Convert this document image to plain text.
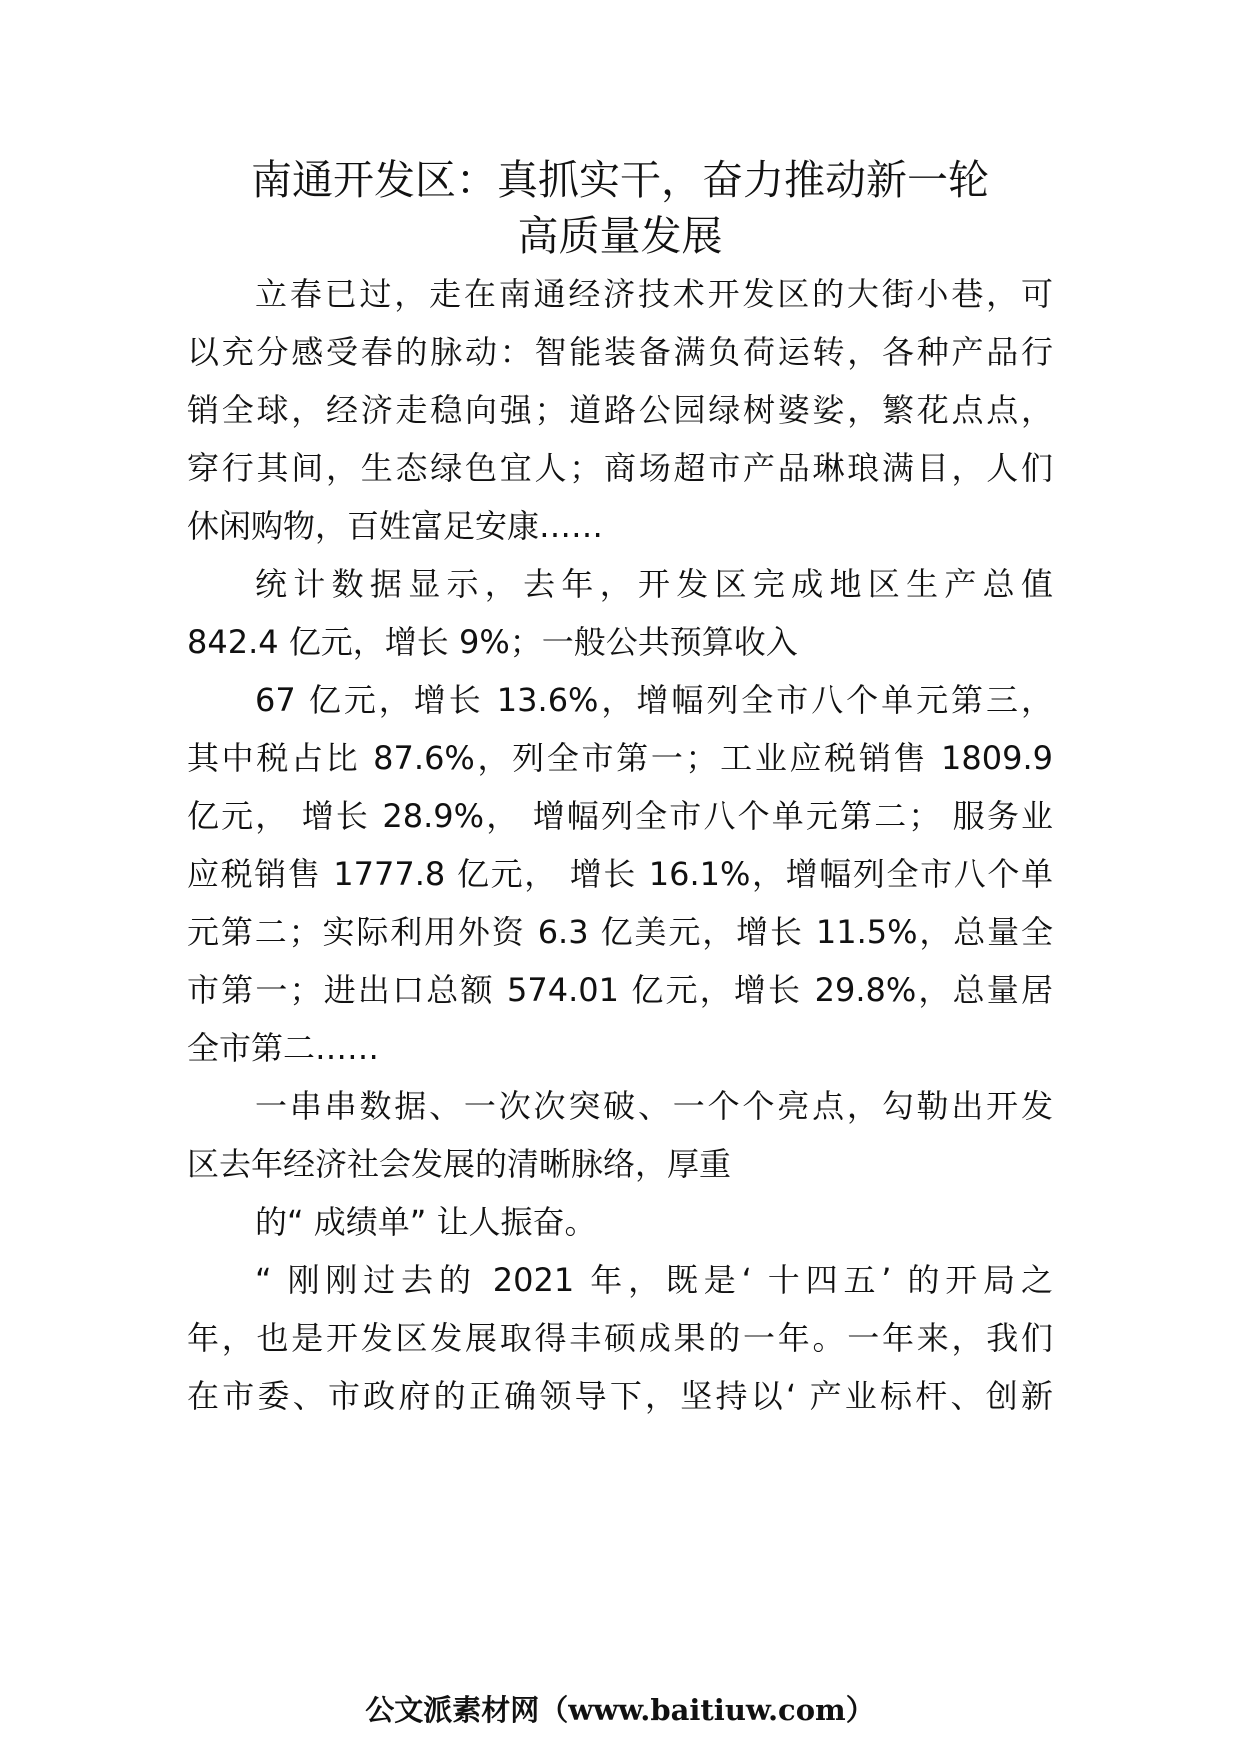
南通开发区：真抓实干，奋力推动新一轮
高质量发展
立春已过，走在南通经济技术开发区的大街小巷，可
以充分感受春的脉动：智能装备满负荷运转，各种产品行
销全球，经济走稳向强；道路公园绿树婆娑，繁花点点，
穿行其间，生态绿色宜人；商场超市产品琳琅满目，人们
休闲购物，百姓富足安康……
统计数据显示，去年，开发区完成地区生产总值
842.4 亿元，增长 9%；一般公共预算收入
67 亿元，增长 13.6%，增幅列全市八个单元第三，
其中税占比 87.6%，列全市第一；工业应税销售 1809.9
亿元， 增长 28.9%， 增幅列全市八个单元第二； 服务业
应税销售 1777.8 亿元， 增长 16.1%，增幅列全市八个单
元第二；实际利用外资 6.3 亿美元，增长 11.5%，总量全
市第一；进出口总额 574.01 亿元，增长 29.8%，总量居
全市第二……
一串串数据、一次次突破、一个个亮点，勾勒出开发
区去年经济社会发展的清晰脉络，厚重
的“ 成绩单” 让人振奋。
“ 刚刚过去的 2021 年，既是‘ 十四五’ 的开局之
年，也是开发区发展取得丰硕成果的一年。一年来，我们
在市委、市政府的正确领导下，坚持以‘ 产业标杆、创新
公文派素材网（www.baitiuw.com）
